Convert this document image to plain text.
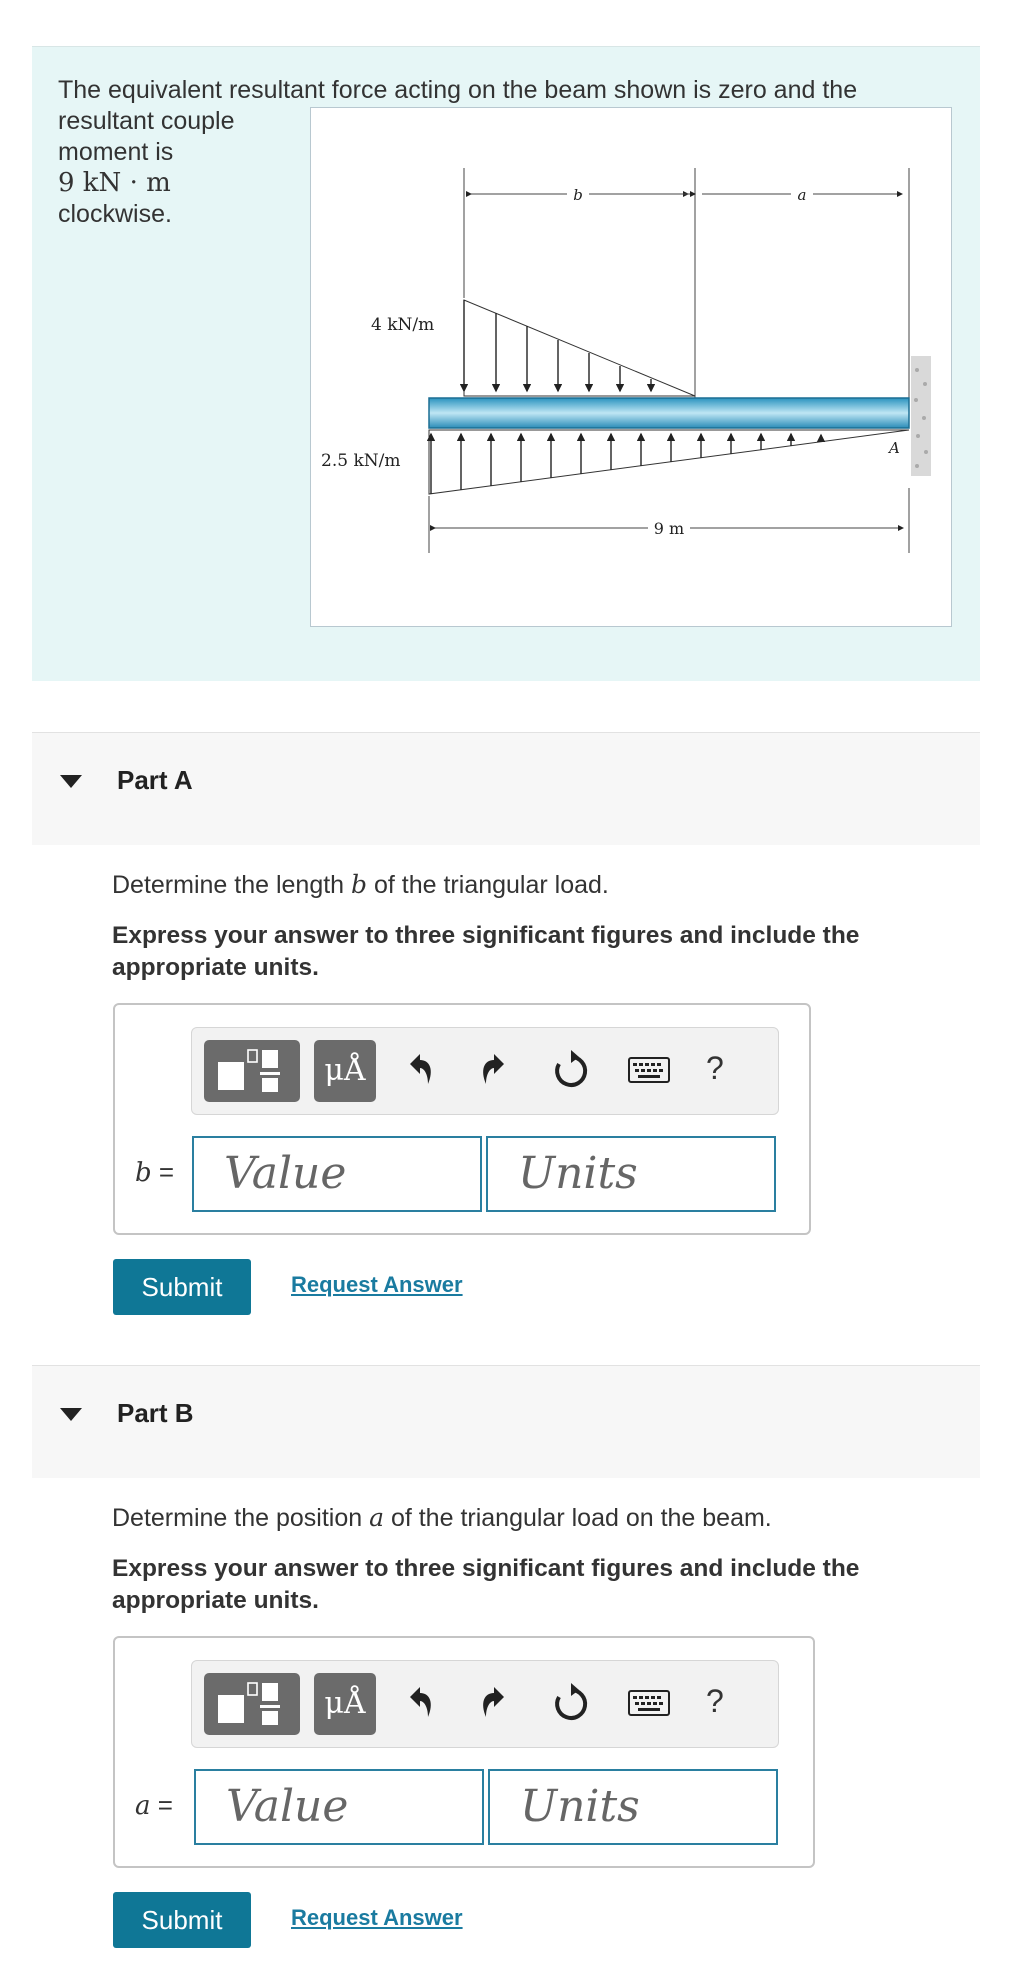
The equivalent resultant force acting on the beam shown is zero and the
resultant couple
moment is
9 kN · m
clockwise.
b	a
4 kN/m
A
2.5 kN/m
9 m
Part A
Determine the length b of the triangular load.
Express your answer to three significant figures and include the appropriate units.
μÅ	?
b =	Value	Units
Submit	Request Answer
Part B
Determine the position a of the triangular load on the beam.
Express your answer to three significant figures and include the appropriate units.
μÅ	?
a =	Value	Units
Submit	Request Answer
